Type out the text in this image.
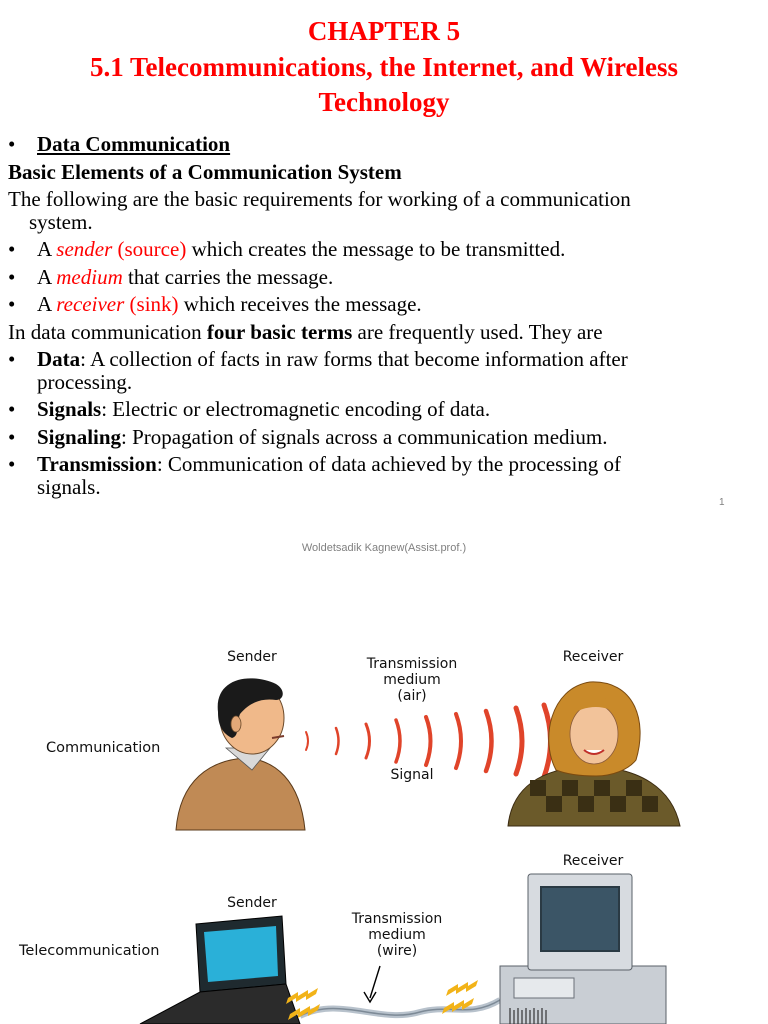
CHAPTER 5
5.1 Telecommunications, the Internet, and Wireless Technology
• Data Communication
Basic Elements of a Communication System
The following are the basic requirements for working of a communication
system.
• A sender (source) which creates the message to be transmitted.
• A medium that carries the message.
• A receiver (sink) which receives the message.
In data communication four basic terms are frequently used. They are
• Data: A collection of facts in raw forms that become information after
processing.
• Signals: Electric or electromagnetic encoding of data.
• Signaling: Propagation of signals across a communication medium.
• Transmission: Communication of data achieved by the processing of
signals.
1
Woldetsadik Kagnew(Assist.prof.)
Sender	Transmission
medium
(air)
Receiver
Communication
Signal
Receiver
Sender
Transmission
medium
(wire)
Telecommunication
